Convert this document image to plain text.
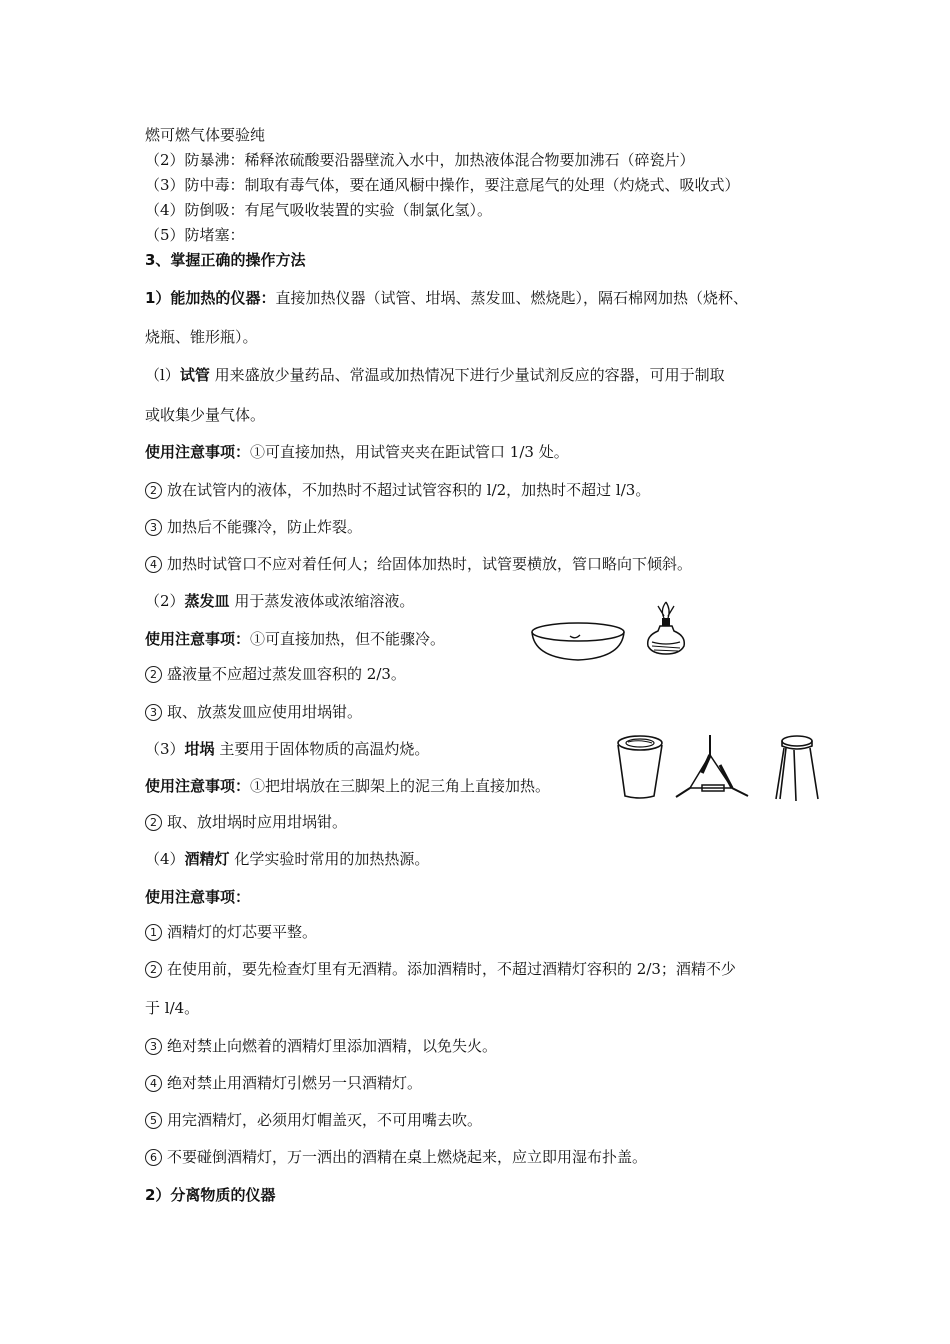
燃可燃气体要验纯
（2）防暴沸：稀释浓硫酸要沿器壁流入水中，加热液体混合物要加沸石（碎瓷片）
（3）防中毒：制取有毒气体，要在通风橱中操作，要注意尾气的处理（灼烧式、吸收式）
（4）防倒吸：有尾气吸收装置的实验（制氯化氢）。
（5）防堵塞：
3、掌握正确的操作方法
1）能加热的仪器：直接加热仪器（试管、坩埚、蒸发皿、燃烧匙），隔石棉网加热（烧杯、
烧瓶、锥形瓶）。
（l）试管 用来盛放少量药品、常温或加热情况下进行少量试剂反应的容器，可用于制取
或收集少量气体。
使用注意事项：①可直接加热，用试管夹夹在距试管口 1/3 处。
2 放在试管内的液体，不加热时不超过试管容积的 l/2，加热时不超过 l/3。
3 加热后不能骤冷，防止炸裂。
4 加热时试管口不应对着任何人；给固体加热时，试管要横放，管口略向下倾斜。
（2）蒸发皿 用于蒸发液体或浓缩溶液。
使用注意事项：①可直接加热，但不能骤冷。
2 盛液量不应超过蒸发皿容积的 2/3。
3 取、放蒸发皿应使用坩埚钳。
（3）坩埚 主要用于固体物质的高温灼烧。
使用注意事项：①把坩埚放在三脚架上的泥三角上直接加热。
2 取、放坩埚时应用坩埚钳。
（4）酒精灯 化学实验时常用的加热热源。
使用注意事项：
1 酒精灯的灯芯要平整。
2 在使用前，要先检查灯里有无酒精。添加酒精时，不超过酒精灯容积的 2/3；酒精不少
于 l/4。
3 绝对禁止向燃着的酒精灯里添加酒精，以免失火。
4 绝对禁止用酒精灯引燃另一只酒精灯。
5 用完酒精灯，必须用灯帽盖灭，不可用嘴去吹。
6 不要碰倒酒精灯，万一洒出的酒精在桌上燃烧起来，应立即用湿布扑盖。
2）分离物质的仪器
